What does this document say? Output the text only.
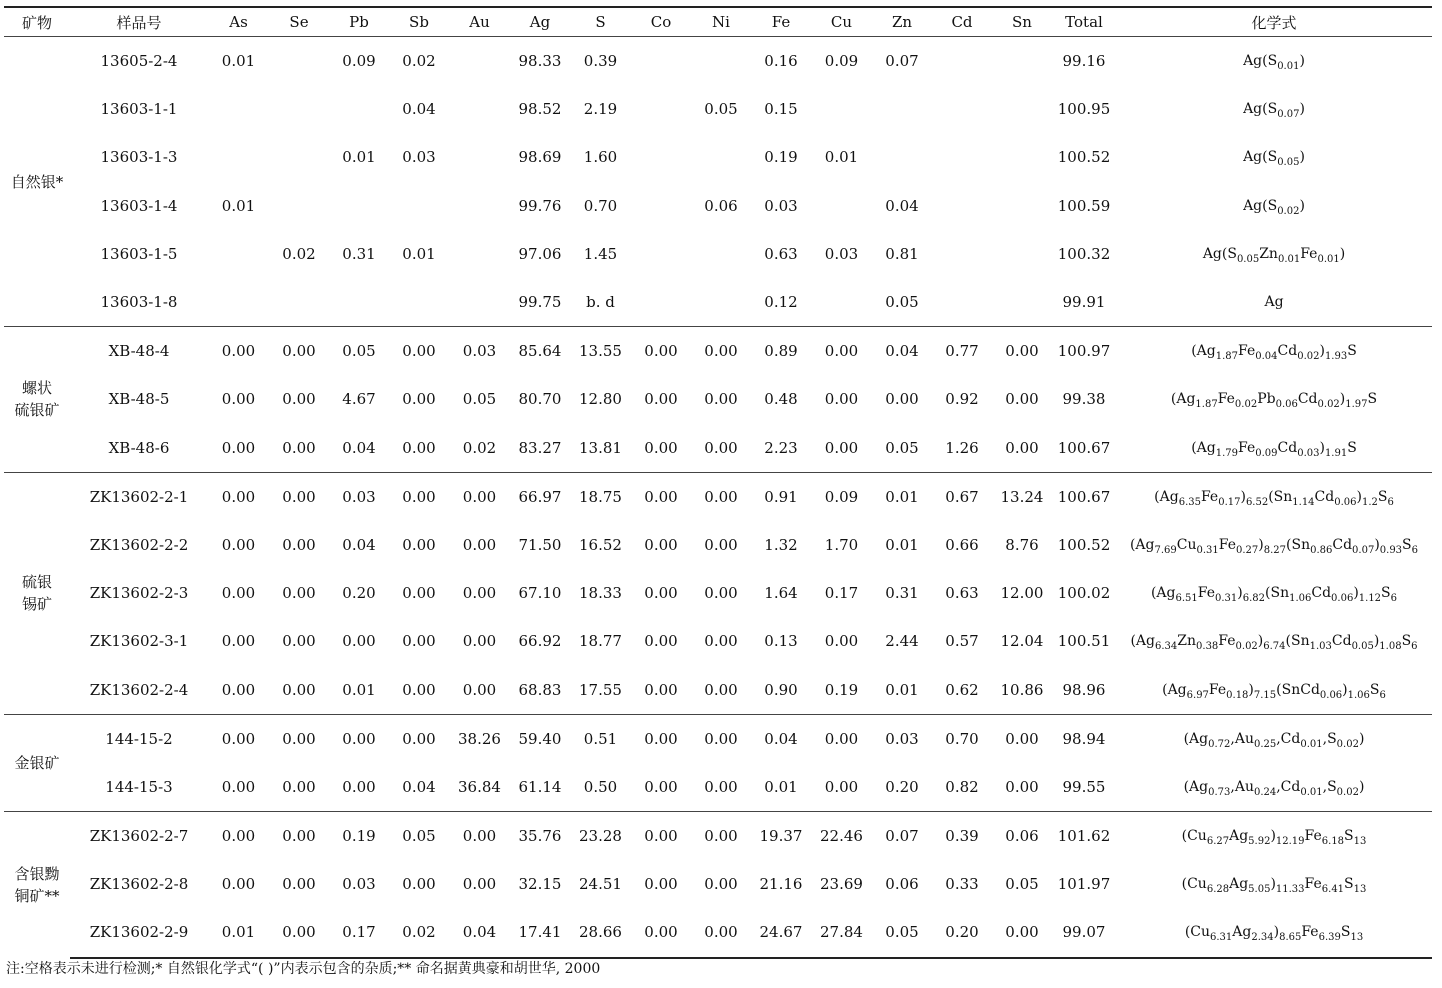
矿物	样品号	As	Se	Pb	Sb	Au	Ag	S	Co	Ni	Fe	Cu	Zn	Cd	Sn	Total	化学式
自然银*	13605-2-4	0.01		0.09	0.02		98.33	0.39			0.16	0.09	0.07			99.16	$Ag(S_{0.01})$
	13603-1-1				0.04		98.52	2.19		0.05	0.15					100.95	$Ag(S_{0.07})$
	13603-1-3			0.01	0.03		98.69	1.60			0.19	0.01				100.52	$Ag(S_{0.05})$
	13603-1-4	0.01					99.76	0.70		0.06	0.03		0.04			100.59	$Ag(S_{0.02})$
	13603-1-5		0.02	0.31	0.01		97.06	1.45			0.63	0.03	0.81			100.32	$Ag(S_{0.05}Zn_{0.01}Fe_{0.01})$
	13603-1-8						99.75	b. d			0.12		0.05			99.91	Ag
螺状
硫银矿	XB-48-4	0.00	0.00	0.05	0.00	0.03	85.64	13.55	0.00	0.00	0.89	0.00	0.04	0.77	0.00	100.97	$(Ag_{1.87}Fe_{0.04}Cd_{0.02})_{1.93}S$
	XB-48-5	0.00	0.00	4.67	0.00	0.05	80.70	12.80	0.00	0.00	0.48	0.00	0.00	0.92	0.00	99.38	$(Ag_{1.87}Fe_{0.02}Pb_{0.06}Cd_{0.02})_{1.97}S$
	XB-48-6	0.00	0.00	0.04	0.00	0.02	83.27	13.81	0.00	0.00	2.23	0.00	0.05	1.26	0.00	100.67	$(Ag_{1.79}Fe_{0.09}Cd_{0.03})_{1.91}S$
硫银
锡矿	ZK13602-2-1	0.00	0.00	0.03	0.00	0.00	66.97	18.75	0.00	0.00	0.91	0.09	0.01	0.67	13.24	100.67	$(Ag_{6.35}Fe_{0.17})_{6.52}(Sn_{1.14}Cd_{0.06})_{1.2}S_6$
	ZK13602-2-2	0.00	0.00	0.04	0.00	0.00	71.50	16.52	0.00	0.00	1.32	1.70	0.01	0.66	8.76	100.52	$(Ag_{7.69}Cu_{0.31}Fe_{0.27})_{8.27}(Sn_{0.86}Cd_{0.07})_{0.93}S_6$
	ZK13602-2-3	0.00	0.00	0.20	0.00	0.00	67.10	18.33	0.00	0.00	1.64	0.17	0.31	0.63	12.00	100.02	$(Ag_{6.51}Fe_{0.31})_{6.82}(Sn_{1.06}Cd_{0.06})_{1.12}S_6$
	ZK13602-3-1	0.00	0.00	0.00	0.00	0.00	66.92	18.77	0.00	0.00	0.13	0.00	2.44	0.57	12.04	100.51	$(Ag_{6.34}Zn_{0.38}Fe_{0.02})_{6.74}(Sn_{1.03}Cd_{0.05})_{1.08}S_6$
	ZK13602-2-4	0.00	0.00	0.01	0.00	0.00	68.83	17.55	0.00	0.00	0.90	0.19	0.01	0.62	10.86	98.96	$(Ag_{6.97}Fe_{0.18})_{7.15}(SnCd_{0.06})_{1.06}S_6$
金银矿	144-15-2	0.00	0.00	0.00	0.00	38.26	59.40	0.51	0.00	0.00	0.04	0.00	0.03	0.70	0.00	98.94	$(Ag_{0.72},Au_{0.25},Cd_{0.01},S_{0.02})$
	144-15-3	0.00	0.00	0.00	0.04	36.84	61.14	0.50	0.00	0.00	0.01	0.00	0.20	0.82	0.00	99.55	$(Ag_{0.73},Au_{0.24},Cd_{0.01},S_{0.02})$
含银黝
铜矿**	ZK13602-2-7	0.00	0.00	0.19	0.05	0.00	35.76	23.28	0.00	0.00	19.37	22.46	0.07	0.39	0.06	101.62	$(Cu_{6.27}Ag_{5.92})_{12.19}Fe_{6.18}S_{13}$
	ZK13602-2-8	0.00	0.00	0.03	0.00	0.00	32.15	24.51	0.00	0.00	21.16	23.69	0.06	0.33	0.05	101.97	$(Cu_{6.28}Ag_{5.05})_{11.33}Fe_{6.41}S_{13}$
	ZK13602-2-9	0.01	0.00	0.17	0.02	0.04	17.41	28.66	0.00	0.00	24.67	27.84	0.05	0.20	0.00	99.07	$(Cu_{6.31}Ag_{2.34})_{8.65}Fe_{6.39}S_{13}$
注:空格表示未进行检测;* 自然银化学式“( )”内表示包含的杂质;** 命名据黄典豪和胡世华, 2000
